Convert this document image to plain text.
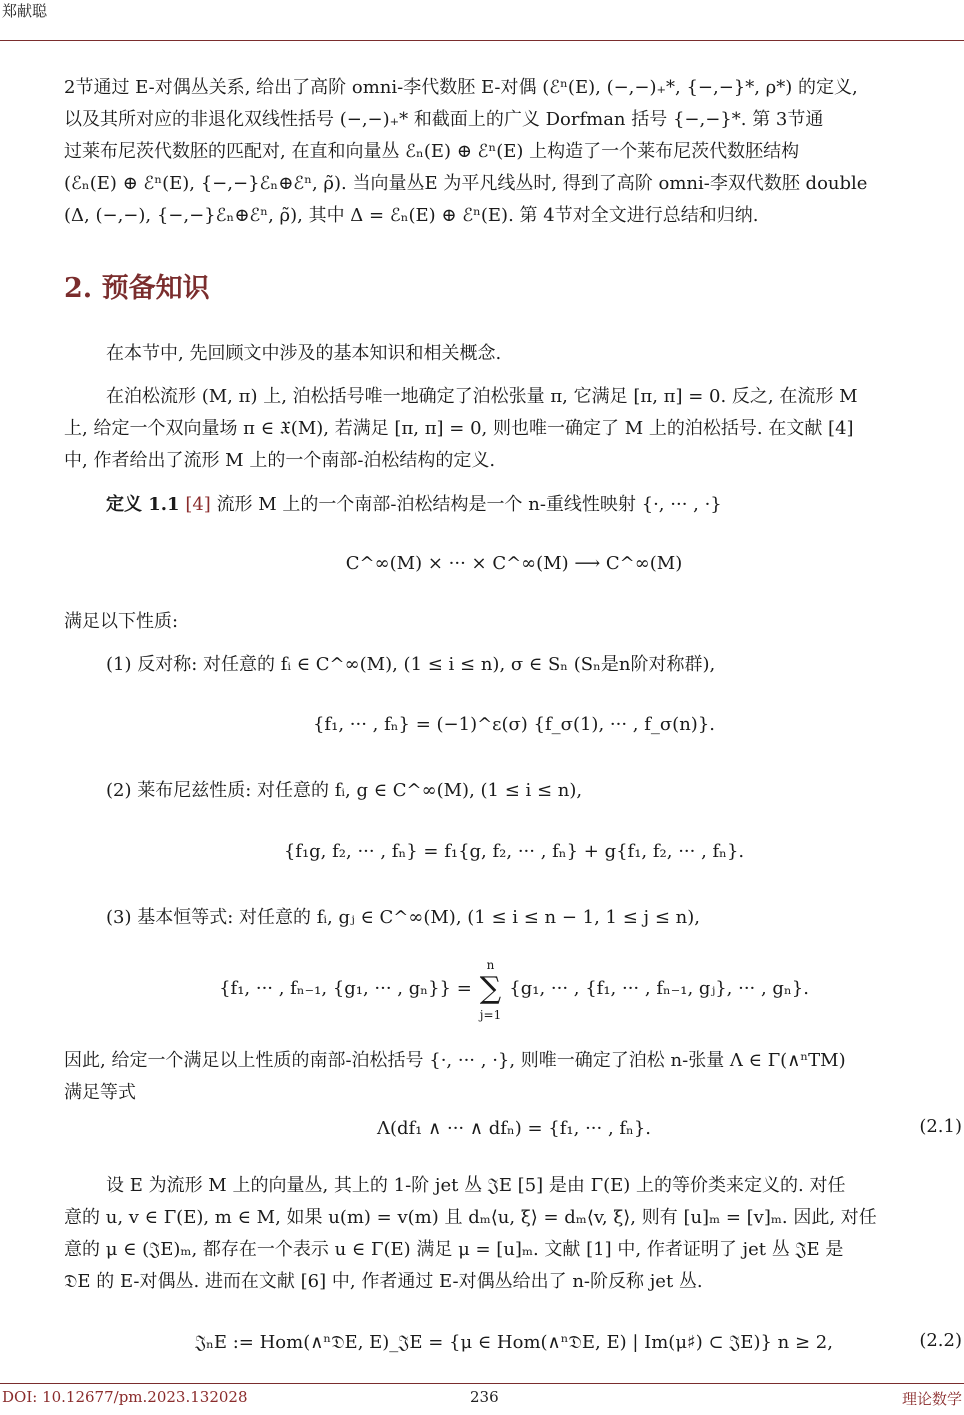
郑献聪
2节通过 E-对偶丛关系, 给出了高阶 omni-李代数胚 E-对偶 (ℰⁿ(E), (−,−)₊*, {−,−}*, ρ*) 的定义,
以及其所对应的非退化双线性括号 (−,−)₊* 和截面上的广义 Dorfman 括号 {−,−}*. 第 3节通
过莱布尼茨代数胚的匹配对, 在直和向量丛 ℰₙ(E) ⊕ ℰⁿ(E) 上构造了一个莱布尼茨代数胚结构
(ℰₙ(E) ⊕ ℰⁿ(E), {−,−}ℰₙ⊕ℰⁿ, ρ̃). 当向量丛E 为平凡线丛时, 得到了高阶 omni-李双代数胚 double
(Δ, (−,−), {−,−}ℰₙ⊕ℰⁿ, ρ̃), 其中 Δ = ℰₙ(E) ⊕ ℰⁿ(E). 第 4节对全文进行总结和归纳.
2. 预备知识

在本节中, 先回顾文中涉及的基本知识和相关概念.

在泊松流形 (M, π) 上, 泊松括号唯一地确定了泊松张量 π, 它满足 [π, π] = 0. 反之, 在流形 M
上, 给定一个双向量场 π ∈ 𝔛(M), 若满足 [π, π] = 0, 则也唯一确定了 M 上的泊松括号. 在文献 [4]
中, 作者给出了流形 M 上的一个南部-泊松结构的定义.
定义 1.1 [4] 流形 M 上的一个南部-泊松结构是一个 n-重线性映射 {·, ··· , ·}
C^∞(M) × ··· × C^∞(M) ⟶ C^∞(M)
满足以下性质:
(1) 反对称: 对任意的 fᵢ ∈ C^∞(M), (1 ≤ i ≤ n), σ ∈ Sₙ (Sₙ是n阶对称群),
{f₁, ··· , fₙ} = (−1)^ε(σ) {f_σ(1), ··· , f_σ(n)}.
(2) 莱布尼兹性质: 对任意的 fᵢ, g ∈ C^∞(M), (1 ≤ i ≤ n),
{f₁g, f₂, ··· , fₙ} = f₁{g, f₂, ··· , fₙ} + g{f₁, f₂, ··· , fₙ}.
(3) 基本恒等式: 对任意的 fᵢ, gⱼ ∈ C^∞(M), (1 ≤ i ≤ n − 1, 1 ≤ j ≤ n),
{f₁, ··· , fₙ₋₁, {g₁, ··· , gₙ}} =
n
∑
j=1
{g₁, ··· , {f₁, ··· , fₙ₋₁, gⱼ}, ··· , gₙ}.
因此, 给定一个满足以上性质的南部-泊松括号 {·, ··· , ·}, 则唯一确定了泊松 n-张量 Λ ∈ Γ(∧ⁿTM)
满足等式
Λ(df₁ ∧ ··· ∧ dfₙ) = {f₁, ··· , fₙ}.	(2.1)
设 E 为流形 M 上的向量丛, 其上的 1-阶 jet 丛 𝔍E [5] 是由 Γ(E) 上的等价类来定义的. 对任
意的 u, v ∈ Γ(E), m ∈ M, 如果 u(m) = v(m) 且 dₘ⟨u, ξ⟩ = dₘ⟨v, ξ⟩, 则有 [u]ₘ = [v]ₘ. 因此, 对任
意的 μ ∈ (𝔍E)ₘ, 都存在一个表示 u ∈ Γ(E) 满足 μ = [u]ₘ. 文献 [1] 中, 作者证明了 jet 丛 𝔍E 是
𝔇E 的 E-对偶丛. 进而在文献 [6] 中, 作者通过 E-对偶丛给出了 n-阶反称 jet 丛.
𝔍ₙE := Hom(∧ⁿ𝔇E, E)_𝔍E = {μ ∈ Hom(∧ⁿ𝔇E, E) | Im(μ♯) ⊂ 𝔍E)} n ≥ 2,	(2.2)
DOI: 10.12677/pm.2023.132028	236	理论数学
